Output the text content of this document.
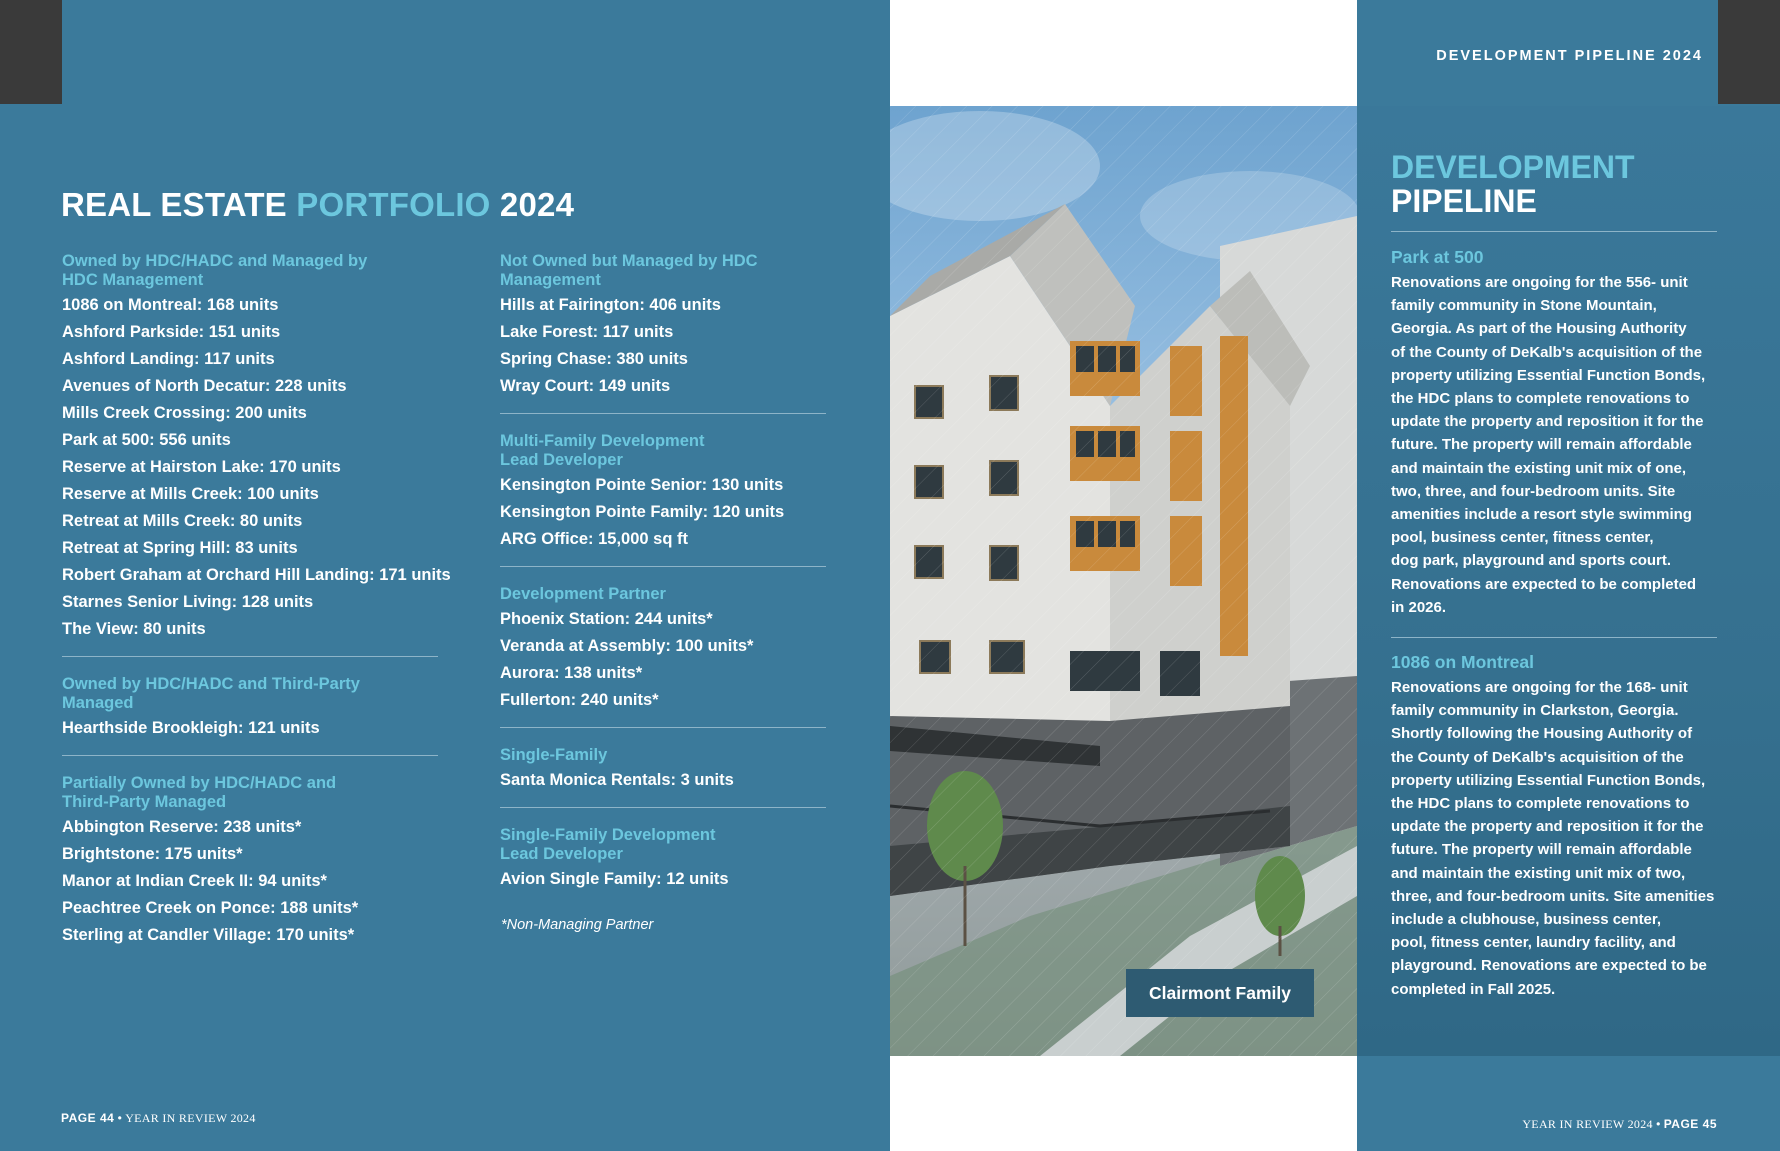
REAL ESTATE PORTFOLIO 2024
Owned by HDC/HADC and Managed by
HDC Management
1086 on Montreal: 168 units
Ashford Parkside: 151 units
Ashford Landing: 117 units
Avenues of North Decatur: 228 units
Mills Creek Crossing: 200 units
Park at 500: 556 units
Reserve at Hairston Lake: 170 units
Reserve at Mills Creek: 100 units
Retreat at Mills Creek: 80 units
Retreat at Spring Hill: 83 units
Robert Graham at Orchard Hill Landing: 171 units
Starnes Senior Living: 128 units
The View: 80 units
Owned by HDC/HADC and Third-Party
Managed
Hearthside Brookleigh: 121 units
Partially Owned by HDC/HADC and
Third-Party Managed
Abbington Reserve: 238 units*
Brightstone: 175 units*
Manor at Indian Creek II: 94 units*
Peachtree Creek on Ponce: 188 units*
Sterling at Candler Village: 170 units*
Not Owned but Managed by HDC
Management
Hills at Fairington: 406 units
Lake Forest: 117 units
Spring Chase: 380 units
Wray Court: 149 units
Multi-Family Development
Lead Developer
Kensington Pointe Senior: 130 units
Kensington Pointe Family: 120 units
ARG Office: 15,000 sq ft
Development Partner
Phoenix Station: 244 units*
Veranda at Assembly: 100 units*
Aurora: 138 units*
Fullerton: 240 units*
Single-Family
Santa Monica Rentals: 3 units
Single-Family Development
Lead Developer
Avion Single Family: 12 units
*Non-Managing Partner
PAGE 44 • YEAR IN REVIEW 2024
Clairmont Family
DEVELOPMENT PIPELINE 2024
DEVELOPMENT
PIPELINE
Park at 500
Renovations are ongoing for the 556- unit
family community in Stone Mountain,
Georgia. As part of the Housing Authority
of the County of DeKalb's acquisition of the
property utilizing Essential Function Bonds,
the HDC plans to complete renovations to
update the property and reposition it for the
future. The property will remain affordable
and maintain the existing unit mix of one,
two, three, and four-bedroom units. Site
amenities include a resort style swimming
pool, business center, fitness center,
dog park, playground and sports court.
Renovations are expected to be completed
in 2026.
1086 on Montreal
Renovations are ongoing for the 168- unit
family community in Clarkston, Georgia.
Shortly following the Housing Authority of
the County of DeKalb's acquisition of the
property utilizing Essential Function Bonds,
the HDC plans to complete renovations to
update the property and reposition it for the
future. The property will remain affordable
and maintain the existing unit mix of two,
three, and four-bedroom units. Site amenities
include a clubhouse, business center,
pool, fitness center, laundry facility, and
playground. Renovations are expected to be
completed in Fall 2025.
YEAR IN REVIEW 2024 • PAGE 45
